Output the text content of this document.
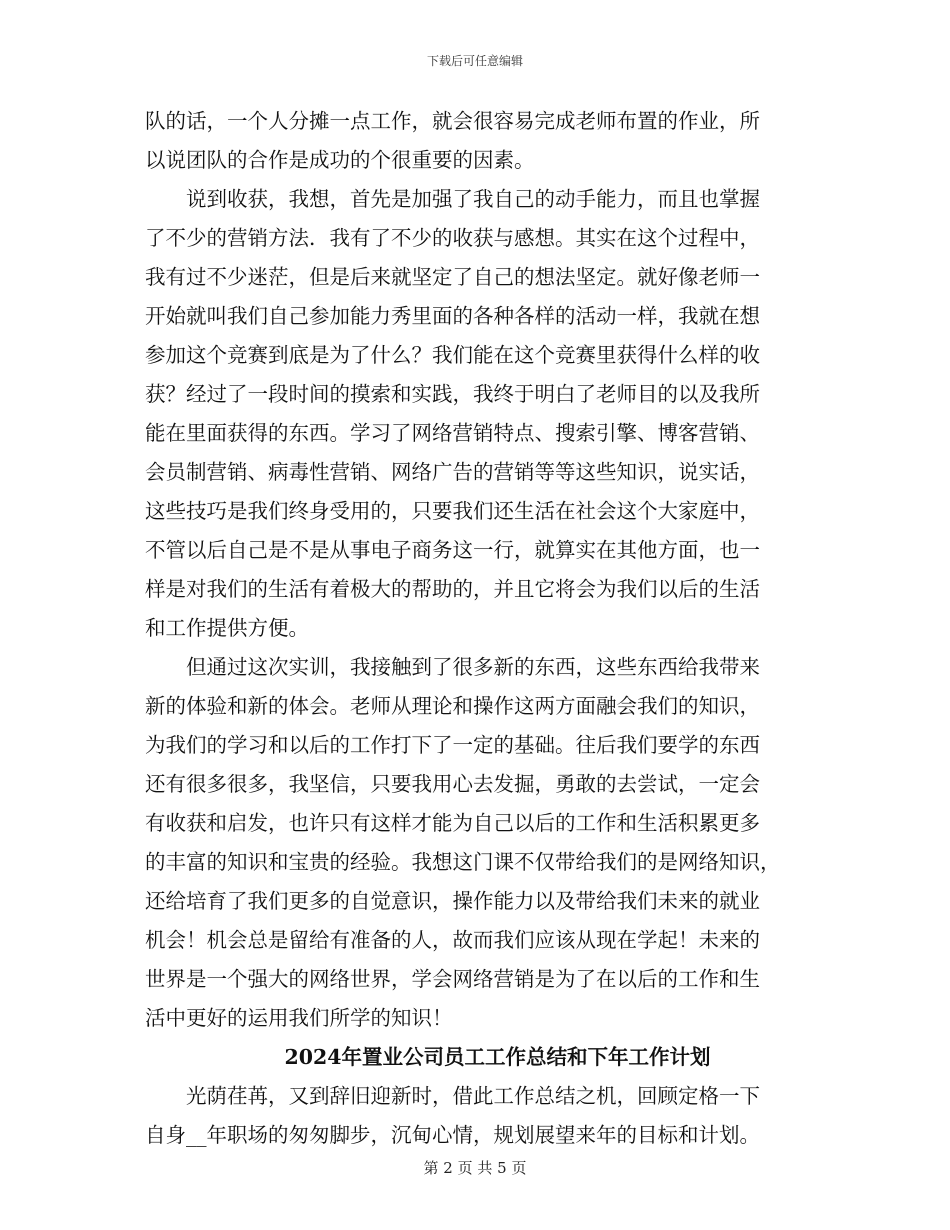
下载后可任意编辑
队的话，一个人分摊一点工作，就会很容易完成老师布置的作业，所
以说团队的合作是成功的个很重要的因素。
说到收获，我想，首先是加强了我自己的动手能力，而且也掌握
了不少的营销方法．我有了不少的收获与感想。其实在这个过程中，
我有过不少迷茫，但是后来就坚定了自己的想法坚定。就好像老师一
开始就叫我们自己参加能力秀里面的各种各样的活动一样，我就在想
参加这个竞赛到底是为了什么？我们能在这个竞赛里获得什么样的收
获？经过了一段时间的摸索和实践，我终于明白了老师目的以及我所
能在里面获得的东西。学习了网络营销特点、搜索引擎、博客营销、
会员制营销、病毒性营销、网络广告的营销等等这些知识，说实话，
这些技巧是我们终身受用的，只要我们还生活在社会这个大家庭中，
不管以后自己是不是从事电子商务这一行，就算实在其他方面，也一
样是对我们的生活有着极大的帮助的，并且它将会为我们以后的生活
和工作提供方便。
但通过这次实训，我接触到了很多新的东西，这些东西给我带来
新的体验和新的体会。老师从理论和操作这两方面融会我们的知识，
为我们的学习和以后的工作打下了一定的基础。往后我们要学的东西
还有很多很多，我坚信，只要我用心去发掘，勇敢的去尝试，一定会
有收获和启发，也许只有这样才能为自己以后的工作和生活积累更多
的丰富的知识和宝贵的经验。我想这门课不仅带给我们的是网络知识，
还给培育了我们更多的自觉意识，操作能力以及带给我们未来的就业
机会！机会总是留给有准备的人，故而我们应该从现在学起！未来的
世界是一个强大的网络世界，学会网络营销是为了在以后的工作和生
活中更好的运用我们所学的知识！
2024年置业公司员工工作总结和下年工作计划
光荫荏苒，又到辞旧迎新时，借此工作总结之机，回顾定格一下
自身__年职场的匆匆脚步，沉甸心情，规划展望来年的目标和计划。
第 2 页 共 5 页
